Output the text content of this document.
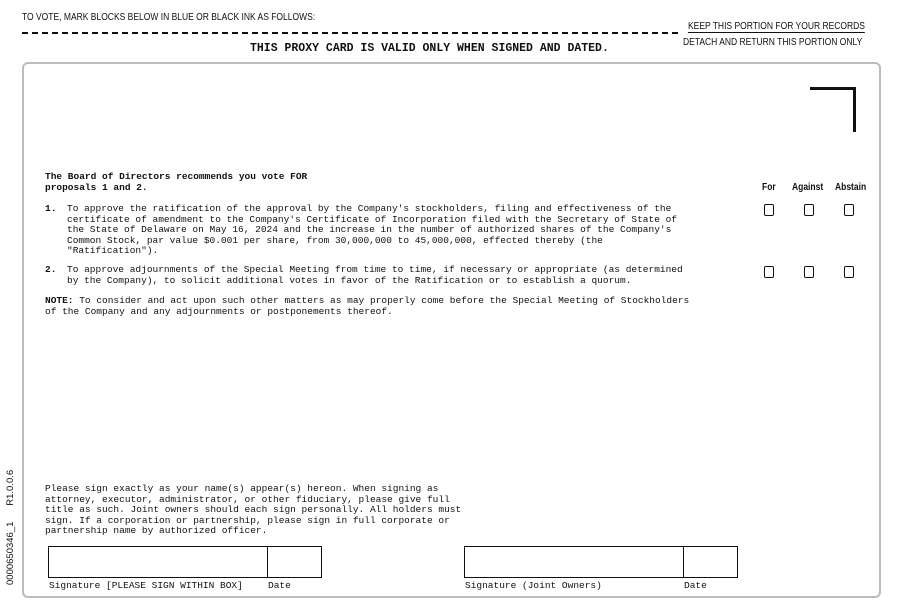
TO VOTE, MARK BLOCKS BELOW IN BLUE OR BLACK INK AS FOLLOWS:
KEEP THIS PORTION FOR YOUR RECORDS
DETACH AND RETURN THIS PORTION ONLY
THIS PROXY CARD IS VALID ONLY WHEN SIGNED AND DATED.
0000650346_1      R1.0.0.6
The Board of Directors recommends you vote FOR
proposals 1 and 2.	For Against Abstain
1. To approve the ratification of the approval by the Company's stockholders, filing and effectiveness of the
certificate of amendment to the Company's Certificate of Incorporation filed with the Secretary of State of
the State of Delaware on May 16, 2024 and the increase in the number of authorized shares of the Company's
Common Stock, par value $0.001 per share, from 30,000,000 to 45,000,000, effected thereby (the
"Ratification").
2. To approve adjournments of the Special Meeting from time to time, if necessary or appropriate (as determined
by the Company), to solicit additional votes in favor of the Ratification or to establish a quorum.
NOTE: To consider and act upon such other matters as may properly come before the Special Meeting of Stockholders
of the Company and any adjournments or postponements thereof.
Please sign exactly as your name(s) appear(s) hereon. When signing as
attorney, executor, administrator, or other fiduciary, please give full
title as such. Joint owners should each sign personally. All holders must
sign. If a corporation or partnership, please sign in full corporate or
partnership name by authorized officer.
Signature [PLEASE SIGN WITHIN BOX]	Date	Signature (Joint Owners)	Date
